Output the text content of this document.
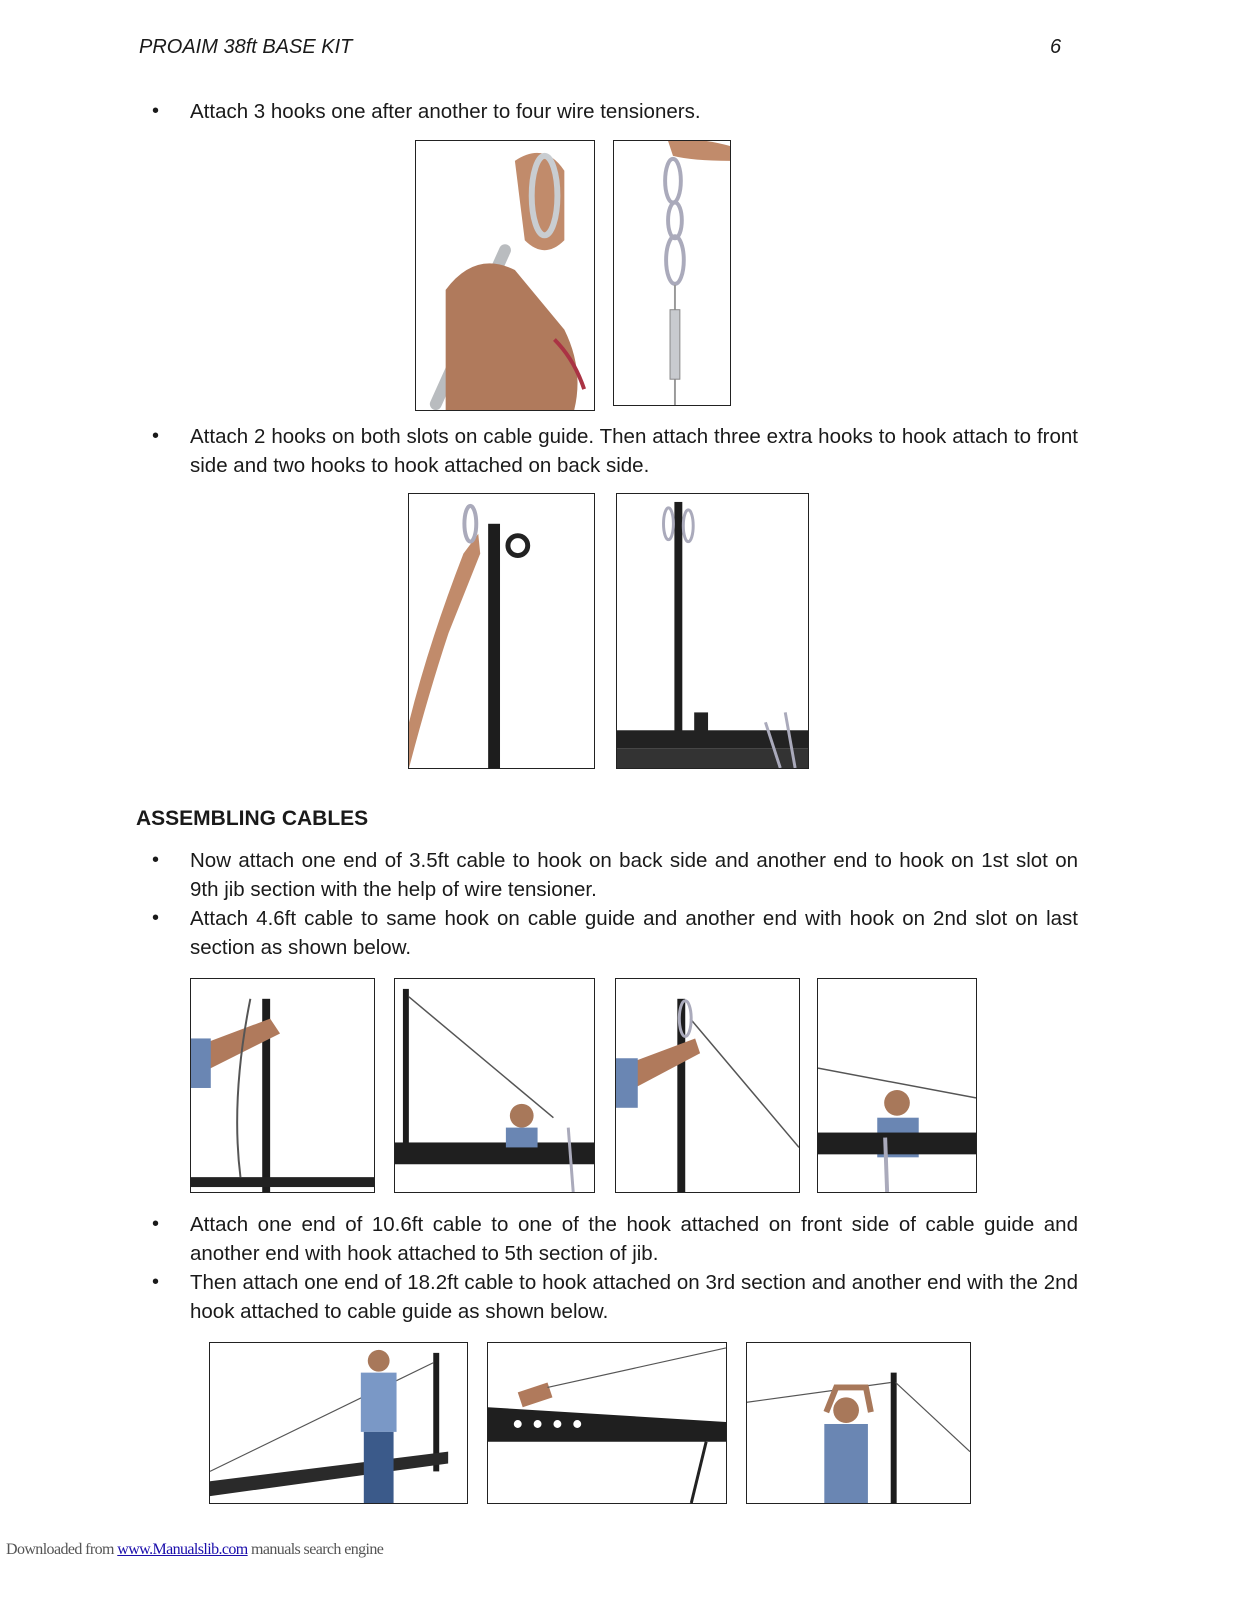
PROAIM 38ft BASE KIT	6
• Attach 3 hooks one after another to four wire tensioners.
• Attach 2 hooks on both slots on cable guide. Then attach three extra hooks to hook attach to front side and two hooks to hook attached on back side.
ASSEMBLING CABLES
• Now attach one end of 3.5ft cable to hook on back side and another end to hook on 1st slot on 9th jib section with the help of wire tensioner.
• Attach 4.6ft cable to same hook on cable guide and another end with hook on 2nd slot on last section as shown below.
• Attach one end of 10.6ft cable to one of the hook attached on front side of cable guide and another end with hook attached to 5th section of jib.
• Then attach one end of 18.2ft cable to hook attached on 3rd section and another end with the 2nd hook attached to cable guide as shown below.
Downloaded from www.Manualslib.com manuals search engine
